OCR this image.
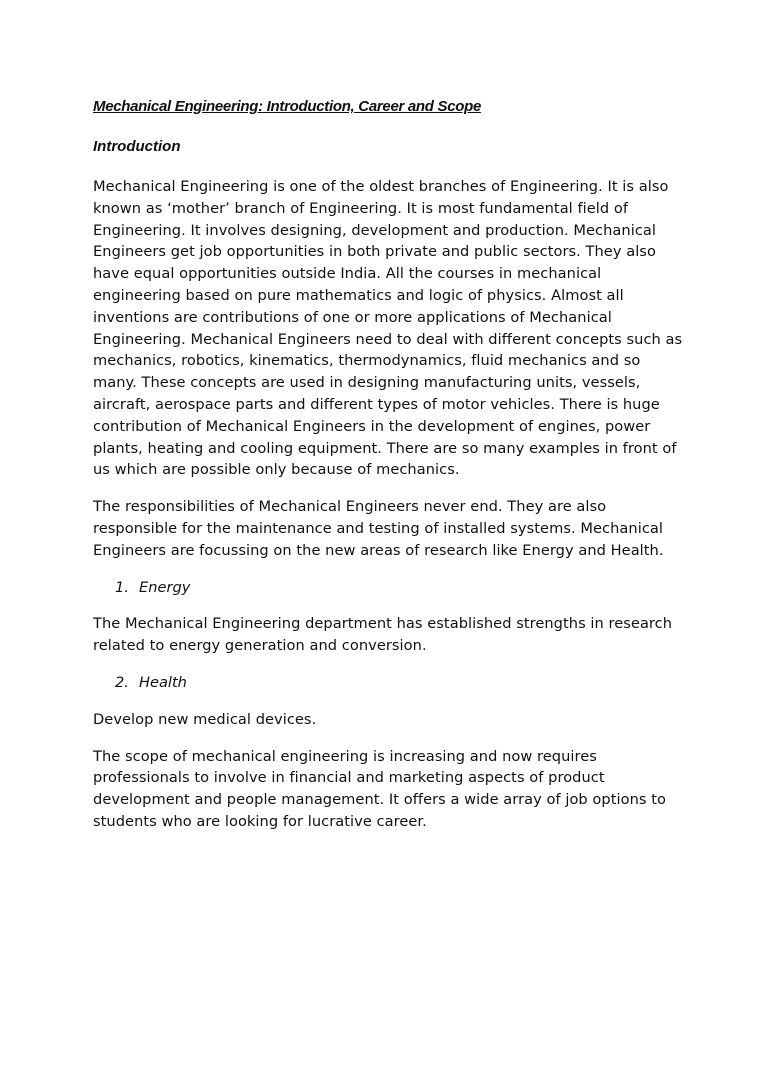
Mechanical Engineering: Introduction, Career and Scope
Introduction

Mechanical Engineering is one of the oldest branches of Engineering. It is also known as ‘mother’ branch of Engineering. It is most fundamental field of Engineering. It involves designing, development and production. Mechanical Engineers get job opportunities in both private and public sectors. They also have equal opportunities outside India. All the courses in mechanical engineering based on pure mathematics and logic of physics. Almost all inventions are contributions of one or more applications of Mechanical Engineering. Mechanical Engineers need to deal with different concepts such as mechanics, robotics, kinematics, thermodynamics, fluid mechanics and so many. These concepts are used in designing manufacturing units, vessels, aircraft, aerospace parts and different types of motor vehicles. There is huge contribution of Mechanical Engineers in the development of engines, power plants, heating and cooling equipment. There are so many examples in front of us which are possible only because of mechanics.

The responsibilities of Mechanical Engineers never end. They are also responsible for the maintenance and testing of installed systems. Mechanical Engineers are focussing on the new areas of research like Energy and Health.

1. Energy

The Mechanical Engineering department has established strengths in research related to energy generation and conversion.

2. Health

Develop new medical devices.

The scope of mechanical engineering is increasing and now requires professionals to involve in financial and marketing aspects of product development and people management. It offers a wide array of job options to students who are looking for lucrative career.
